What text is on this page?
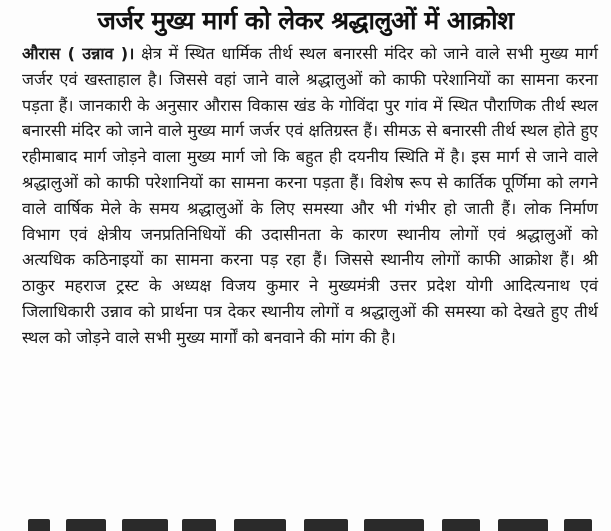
जर्जर मुख्य मार्ग को लेकर श्रद्धालुओं में आक्रोश

औरास ( उन्नाव )। क्षेत्र में स्थित धार्मिक तीर्थ स्थल बनारसी मंदिर को जाने वाले सभी मुख्य मार्ग जर्जर एवं खस्ताहाल है। जिससे वहां जाने वाले श्रद्धालुओं को काफी परेशानियों का सामना करना पड़ता हैं। जानकारी के अनुसार औरास विकास खंड के गोविंदा पुर गांव में स्थित पौराणिक तीर्थ स्थल बनारसी मंदिर को जाने वाले मुख्य मार्ग जर्जर एवं क्षतिग्रस्त हैं। सीमऊ से बनारसी तीर्थ स्थल होते हुए रहीमाबाद मार्ग जोड़ने वाला मुख्य मार्ग जो कि बहुत ही दयनीय स्थिति में है। इस मार्ग से जाने वाले श्रद्धालुओं को काफी परेशानियों का सामना करना पड़ता हैं। विशेष रूप से कार्तिक पूर्णिमा को लगने वाले वार्षिक मेले के समय श्रद्धालुओं के लिए समस्या और भी गंभीर हो जाती हैं। लोक निर्माण विभाग एवं क्षेत्रीय जनप्रतिनिधियों की उदासीनता के कारण स्थानीय लोगों एवं श्रद्धालुओं को अत्यधिक कठिनाइयों का सामना करना पड़ रहा हैं। जिससे स्थानीय लोगों काफी आक्रोश हैं। श्री ठाकुर महराज ट्रस्ट के अध्यक्ष विजय कुमार ने मुख्यमंत्री उत्तर प्रदेश योगी आदित्यनाथ एवं जिलाधिकारी उन्नाव को प्रार्थना पत्र देकर स्थानीय लोगों व श्रद्धालुओं की समस्या को देखते हुए तीर्थ स्थल को जोड़ने वाले सभी मुख्य मार्गों को बनवाने की मांग की है।
